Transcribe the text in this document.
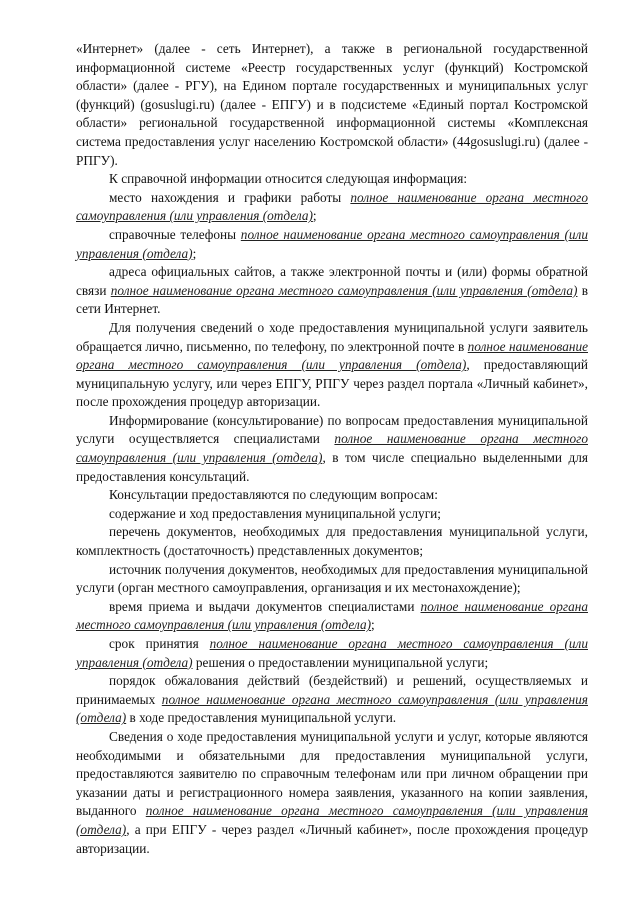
«Интернет» (далее - сеть Интернет), а также в региональной государственной информационной системе «Реестр государственных услуг (функций) Костромской области» (далее - РГУ), на Едином портале государственных и муниципальных услуг (функций) (gosuslugi.ru) (далее - ЕПГУ) и в подсистеме «Единый портал Костромской области» региональной государственной информационной системы «Комплексная система предоставления услуг населению Костромской области» (44gosuslugi.ru) (далее - РПГУ).

К справочной информации относится следующая информация:

место нахождения и графики работы полное наименование органа местного самоуправления (или управления (отдела);

справочные телефоны полное наименование органа местного самоуправления (или управления (отдела);

адреса официальных сайтов, а также электронной почты и (или) формы обратной связи полное наименование органа местного самоуправления (или управления (отдела) в сети Интернет.

Для получения сведений о ходе предоставления муниципальной услуги заявитель обращается лично, письменно, по телефону, по электронной почте в полное наименование органа местного самоуправления (или управления (отдела), предоставляющий муниципальную услугу, или через ЕПГУ, РПГУ через раздел портала «Личный кабинет», после прохождения процедур авторизации.

Информирование (консультирование) по вопросам предоставления муниципальной услуги осуществляется специалистами полное наименование органа местного самоуправления (или управления (отдела), в том числе специально выделенными для предоставления консультаций.

Консультации предоставляются по следующим вопросам:

содержание и ход предоставления муниципальной услуги;

перечень документов, необходимых для предоставления муниципальной услуги, комплектность (достаточность) представленных документов;

источник получения документов, необходимых для предоставления муниципальной услуги (орган местного самоуправления, организация и их местонахождение);

время приема и выдачи документов специалистами полное наименование органа местного самоуправления (или управления (отдела);

срок принятия полное наименование органа местного самоуправления (или управления (отдела) решения о предоставлении муниципальной услуги;

порядок обжалования действий (бездействий) и решений, осуществляемых и принимаемых полное наименование органа местного самоуправления (или управления (отдела) в ходе предоставления муниципальной услуги.

Сведения о ходе предоставления муниципальной услуги и услуг, которые являются необходимыми и обязательными для предоставления муниципальной услуги, предоставляются заявителю по справочным телефонам или при личном обращении при указании даты и регистрационного номера заявления, указанного на копии заявления, выданного полное наименование органа местного самоуправления (или управления (отдела), а при ЕПГУ - через раздел «Личный кабинет», после прохождения процедур авторизации.
